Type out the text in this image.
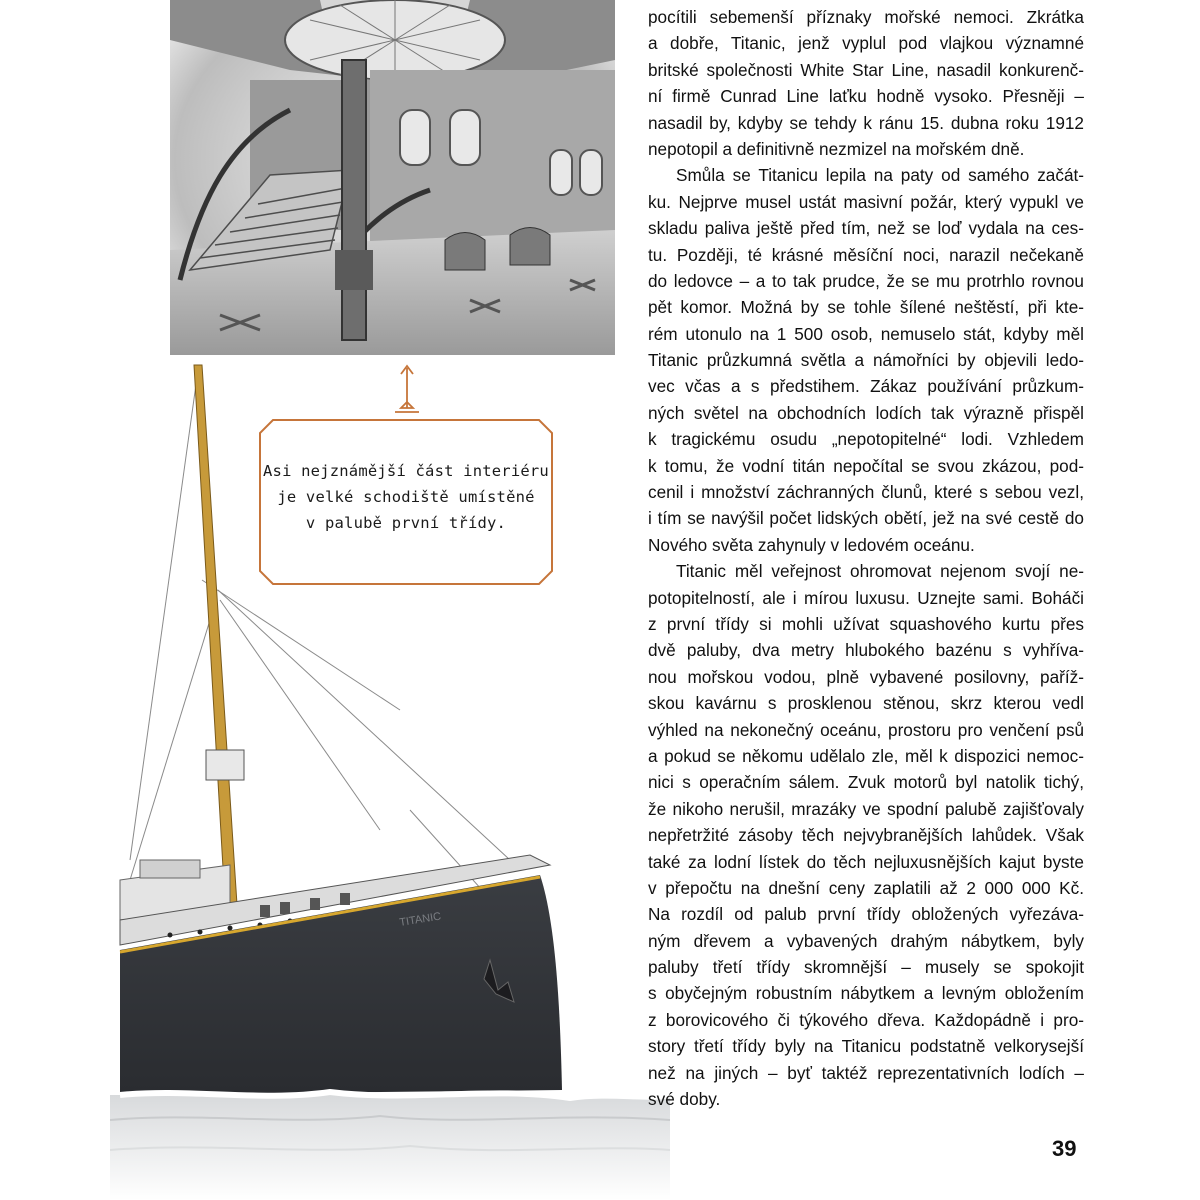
Asi nejznámější část interiéru
je velké schodiště umístěné
v palubě první třídy.
TITANIC
pocítili sebemenší příznaky mořské nemoci. Zkrátka
a dobře, Titanic, jenž vyplul pod vlajkou významné
britské společnosti White Star Line, nasadil konkurenč-
ní firmě Cunrad Line laťku hodně vysoko. Přesněji –
nasadil by, kdyby se tehdy k ránu 15. dubna roku 1912
nepotopil a definitivně nezmizel na mořském dně.
Smůla se Titanicu lepila na paty od samého začát-
ku. Nejprve musel ustát masivní požár, který vypukl ve
skladu paliva ještě před tím, než se loď vydala na ces-
tu. Později, té krásné měsíční noci, narazil nečekaně
do ledovce – a to tak prudce, že se mu protrhlo rovnou
pět komor. Možná by se tohle šílené neštěstí, při kte-
rém utonulo na 1 500 osob, nemuselo stát, kdyby měl
Titanic průzkumná světla a námořníci by objevili ledo-
vec včas a s předstihem. Zákaz používání průzkum-
ných světel na obchodních lodích tak výrazně přispěl
k tragickému osudu „nepotopitelné“ lodi. Vzhledem
k tomu, že vodní titán nepočítal se svou zkázou, pod-
cenil i množství záchranných člunů, které s sebou vezl,
i tím se navýšil počet lidských obětí, jež na své cestě do
Nového světa zahynuly v ledovém oceánu.
Titanic měl veřejnost ohromovat nejenom svojí ne-
potopitelností, ale i mírou luxusu. Uznejte sami. Boháči
z první třídy si mohli užívat squashového kurtu přes
dvě paluby, dva metry hlubokého bazénu s vyhříva-
nou mořskou vodou, plně vybavené posilovny, paříž-
skou kavárnu s prosklenou stěnou, skrz kterou vedl
výhled na nekonečný oceánu, prostoru pro venčení psů
a pokud se někomu udělalo zle, měl k dispozici nemoc-
nici s operačním sálem. Zvuk motorů byl natolik tichý,
že nikoho nerušil, mrazáky ve spodní palubě zajišťovaly
nepřetržité zásoby těch nejvybranějších lahůdek. Však
také za lodní lístek do těch nejluxusnějších kajut byste
v přepočtu na dnešní ceny zaplatili až 2 000 000 Kč.
Na rozdíl od palub první třídy obložených vyřezáva-
ným dřevem a vybavených drahým nábytkem, byly
paluby třetí třídy skromnější – musely se spokojit
s obyčejným robustním nábytkem a levným obložením
z borovicového či týkového dřeva. Každopádně i pro-
story třetí třídy byly na Titanicu podstatně velkorysejší
než na jiných – byť taktéž reprezentativních lodích –
své doby.
39
